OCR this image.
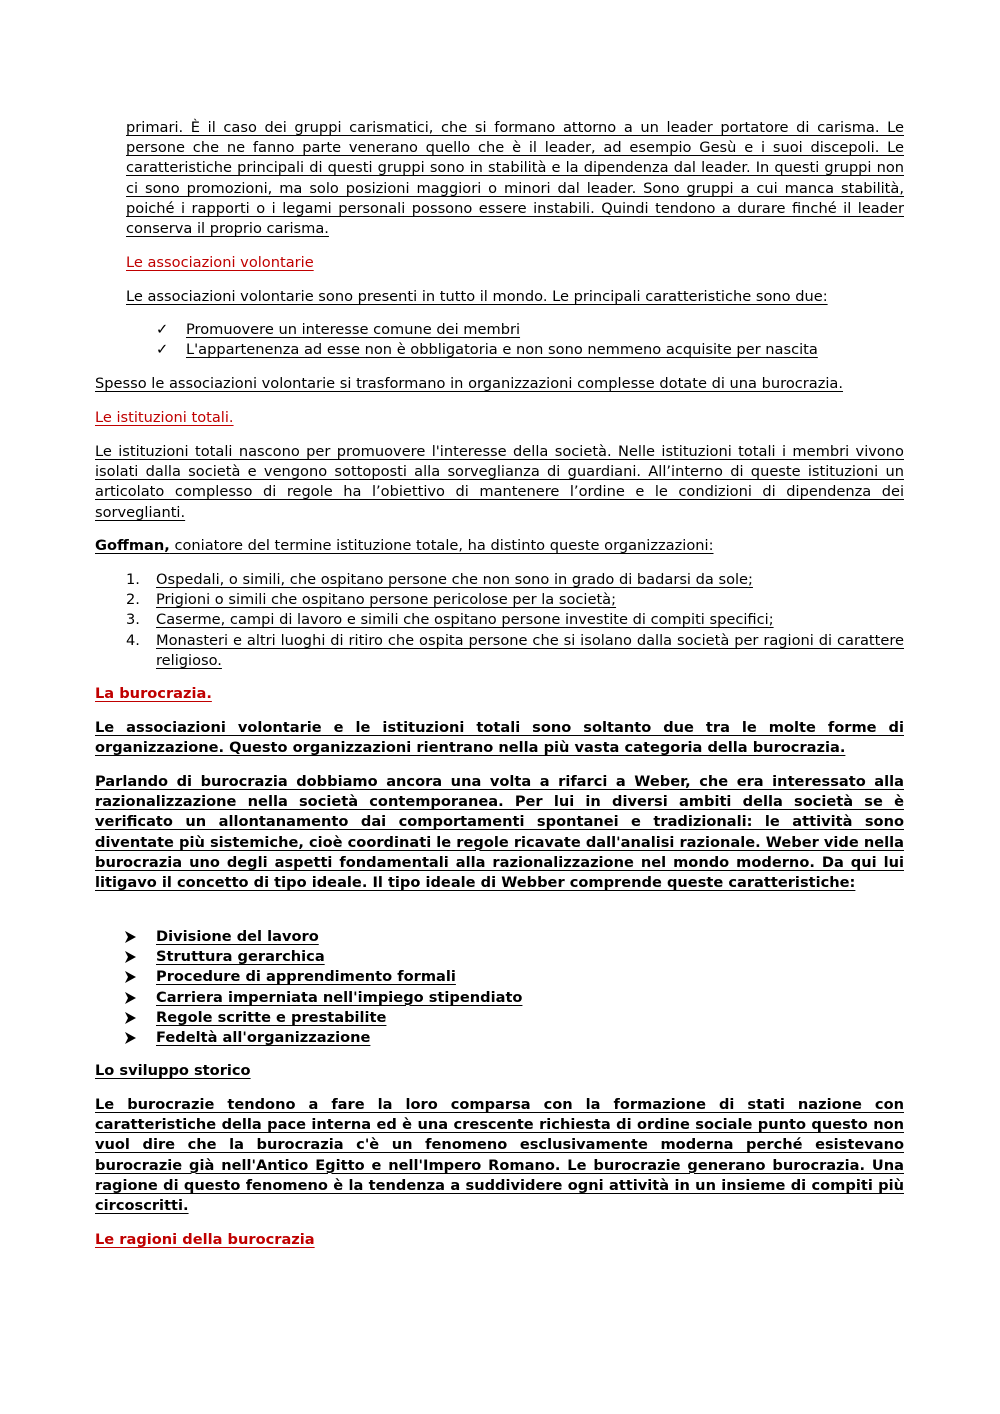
primari. È il caso dei gruppi carismatici, che si formano attorno a un leader portatore di carisma. Le persone che ne fanno parte venerano quello che è il leader, ad esempio Gesù e i suoi discepoli. Le caratteristiche principali di questi gruppi sono in stabilità e la dipendenza dal leader. In questi gruppi non ci sono promozioni, ma solo posizioni maggiori o minori dal leader. Sono gruppi a cui manca stabilità, poiché i rapporti o i legami personali possono essere instabili. Quindi tendono a durare finché il leader conserva il proprio carisma.

Le associazioni volontarie

Le associazioni volontarie sono presenti in tutto il mondo. Le principali caratteristiche sono due:

✓ Promuovere un interesse comune dei membri
✓ L'appartenenza ad esse non è obbligatoria e non sono nemmeno acquisite per nascita

Spesso le associazioni volontarie si trasformano in organizzazioni complesse dotate di una burocrazia.

Le istituzioni totali.

Le istituzioni totali nascono per promuovere l'interesse della società. Nelle istituzioni totali i membri vivono isolati dalla società e vengono sottoposti alla sorveglianza di guardiani. All’interno di queste istituzioni un articolato complesso di regole ha l’obiettivo di mantenere l’ordine e le condizioni di dipendenza dei sorveglianti.

Goffman, coniatore del termine istituzione totale, ha distinto queste organizzazioni:

1. Ospedali, o simili, che ospitano persone che non sono in grado di badarsi da sole;
2. Prigioni o simili che ospitano persone pericolose per la società;
3. Caserme, campi di lavoro e simili che ospitano persone investite di compiti specifici;
4. Monasteri e altri luoghi di ritiro che ospita persone che si isolano dalla società per ragioni di carattere religioso.

La burocrazia.

Le associazioni volontarie e le istituzioni totali sono soltanto due tra le molte forme di organizzazione. Questo organizzazioni rientrano nella più vasta categoria della burocrazia.

Parlando di burocrazia dobbiamo ancora una volta a rifarci a Weber, che era interessato alla razionalizzazione nella società contemporanea. Per lui in diversi ambiti della società se è verificato un allontanamento dai comportamenti spontanei e tradizionali: le attività sono diventate più sistemiche, cioè coordinati le regole ricavate dall'analisi razionale. Weber vide nella burocrazia uno degli aspetti fondamentali alla razionalizzazione nel mondo moderno. Da qui lui litigavo il concetto di tipo ideale. Il tipo ideale di Webber comprende queste caratteristiche:

Divisione del lavoro
Struttura gerarchica
Procedure di apprendimento formali
Carriera imperniata nell'impiego stipendiato
Regole scritte e prestabilite
Fedeltà all'organizzazione

Lo sviluppo storico

Le burocrazie tendono a fare la loro comparsa con la formazione di stati nazione con caratteristiche della pace interna ed è una crescente richiesta di ordine sociale punto questo non vuol dire che la burocrazia c'è un fenomeno esclusivamente moderna perché esistevano burocrazie già nell'Antico Egitto e nell'Impero Romano. Le burocrazie generano burocrazia. Una ragione di questo fenomeno è la tendenza a suddividere ogni attività in un insieme di compiti più circoscritti.

Le ragioni della burocrazia
